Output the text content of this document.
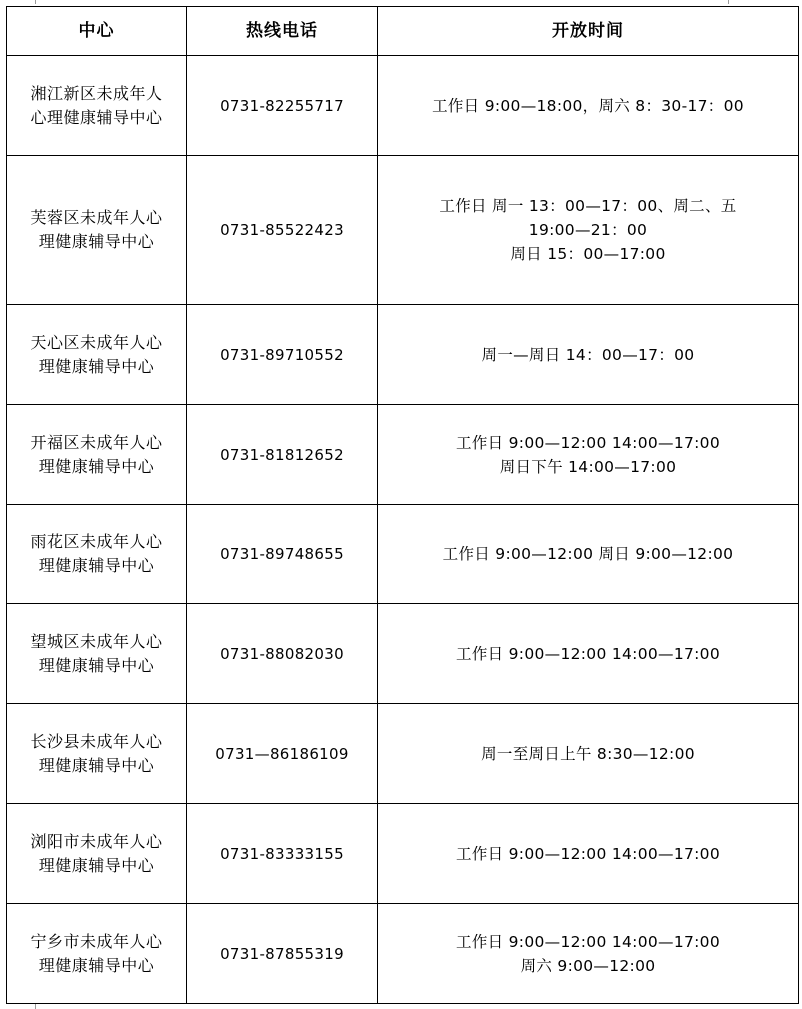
中心	热线电话	开放时间

湘江新区未成年人心理健康辅导中心	0731-82255717	工作日 9:00—18:00，周六 8：30-17：00

芙蓉区未成年人心理健康辅导中心	0731-85522423	工作日 周一 13：00—17：00、周二、五
19:00—21：00
周日 15：00—17:00

天心区未成年人心理健康辅导中心	0731-89710552	周一—周日 14：00—17：00

开福区未成年人心理健康辅导中心	0731-81812652	工作日 9:00—12:00 14:00—17:00
周日下午 14:00—17:00

雨花区未成年人心理健康辅导中心	0731-89748655	工作日 9:00—12:00 周日 9:00—12:00

望城区未成年人心理健康辅导中心	0731-88082030	工作日 9:00—12:00 14:00—17:00

长沙县未成年人心理健康辅导中心	0731—86186109	周一至周日上午 8:30—12:00

浏阳市未成年人心理健康辅导中心	0731-83333155	工作日 9:00—12:00 14:00—17:00

宁乡市未成年人心理健康辅导中心	0731-87855319	工作日 9:00—12:00 14:00—17:00
周六 9:00—12:00
